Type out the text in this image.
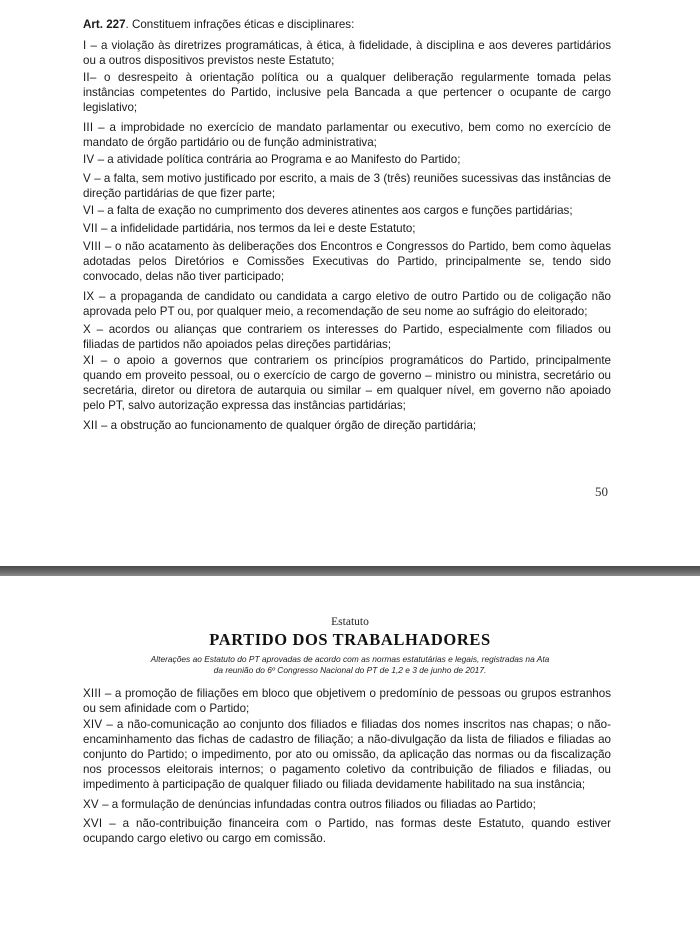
Art. 227. Constituem infrações éticas e disciplinares:

I – a violação às diretrizes programáticas, à ética, à fidelidade, à disciplina e aos deveres partidários ou a outros dispositivos previstos neste Estatuto;

II– o desrespeito à orientação política ou a qualquer deliberação regularmente tomada pelas instâncias competentes do Partido, inclusive pela Bancada a que pertencer o ocupante de cargo legislativo;

III – a improbidade no exercício de mandato parlamentar ou executivo, bem como no exercício de mandato de órgão partidário ou de função administrativa;

IV – a atividade política contrária ao Programa e ao Manifesto do Partido;

V – a falta, sem motivo justificado por escrito, a mais de 3 (três) reuniões sucessivas das instâncias de direção partidárias de que fizer parte;

VI – a falta de exação no cumprimento dos deveres atinentes aos cargos e funções partidárias;

VII – a infidelidade partidária, nos termos da lei e deste Estatuto;

VIII – o não acatamento às deliberações dos Encontros e Congressos do Partido, bem como àquelas adotadas pelos Diretórios e Comissões Executivas do Partido, principalmente se, tendo sido convocado, delas não tiver participado;

IX – a propaganda de candidato ou candidata a cargo eletivo de outro Partido ou de coligação não aprovada pelo PT ou, por qualquer meio, a recomendação de seu nome ao sufrágio do eleitorado;

X – acordos ou alianças que contrariem os interesses do Partido, especialmente com filiados ou filiadas de partidos não apoiados pelas direções partidárias;

XI – o apoio a governos que contrariem os princípios programáticos do Partido, principalmente quando em proveito pessoal, ou o exercício de cargo de governo – ministro ou ministra, secretário ou secretária, diretor ou diretora de autarquia ou similar – em qualquer nível, em governo não apoiado pelo PT, salvo autorização expressa das instâncias partidárias;

XII – a obstrução ao funcionamento de qualquer órgão de direção partidária;

50
Estatuto
PARTIDO DOS TRABALHADORES
Alterações ao Estatuto do PT aprovadas de acordo com as normas estatutárias e legais, registradas na Ata da reunião do 6º Congresso Nacional do PT de 1,2 e 3 de junho de 2017.

XIII – a promoção de filiações em bloco que objetivem o predomínio de pessoas ou grupos estranhos ou sem afinidade com o Partido;

XIV – a não-comunicação ao conjunto dos filiados e filiadas dos nomes inscritos nas chapas; o não-encaminhamento das fichas de cadastro de filiação; a não-divulgação da lista de filiados e filiadas ao conjunto do Partido; o impedimento, por ato ou omissão, da aplicação das normas ou da fiscalização nos processos eleitorais internos; o pagamento coletivo da contribuição de filiados e filiadas, ou impedimento à participação de qualquer filiado ou filiada devidamente habilitado na sua instância;

XV – a formulação de denúncias infundadas contra outros filiados ou filiadas ao Partido;

XVI – a não-contribuição financeira com o Partido, nas formas deste Estatuto, quando estiver ocupando cargo eletivo ou cargo em comissão.
